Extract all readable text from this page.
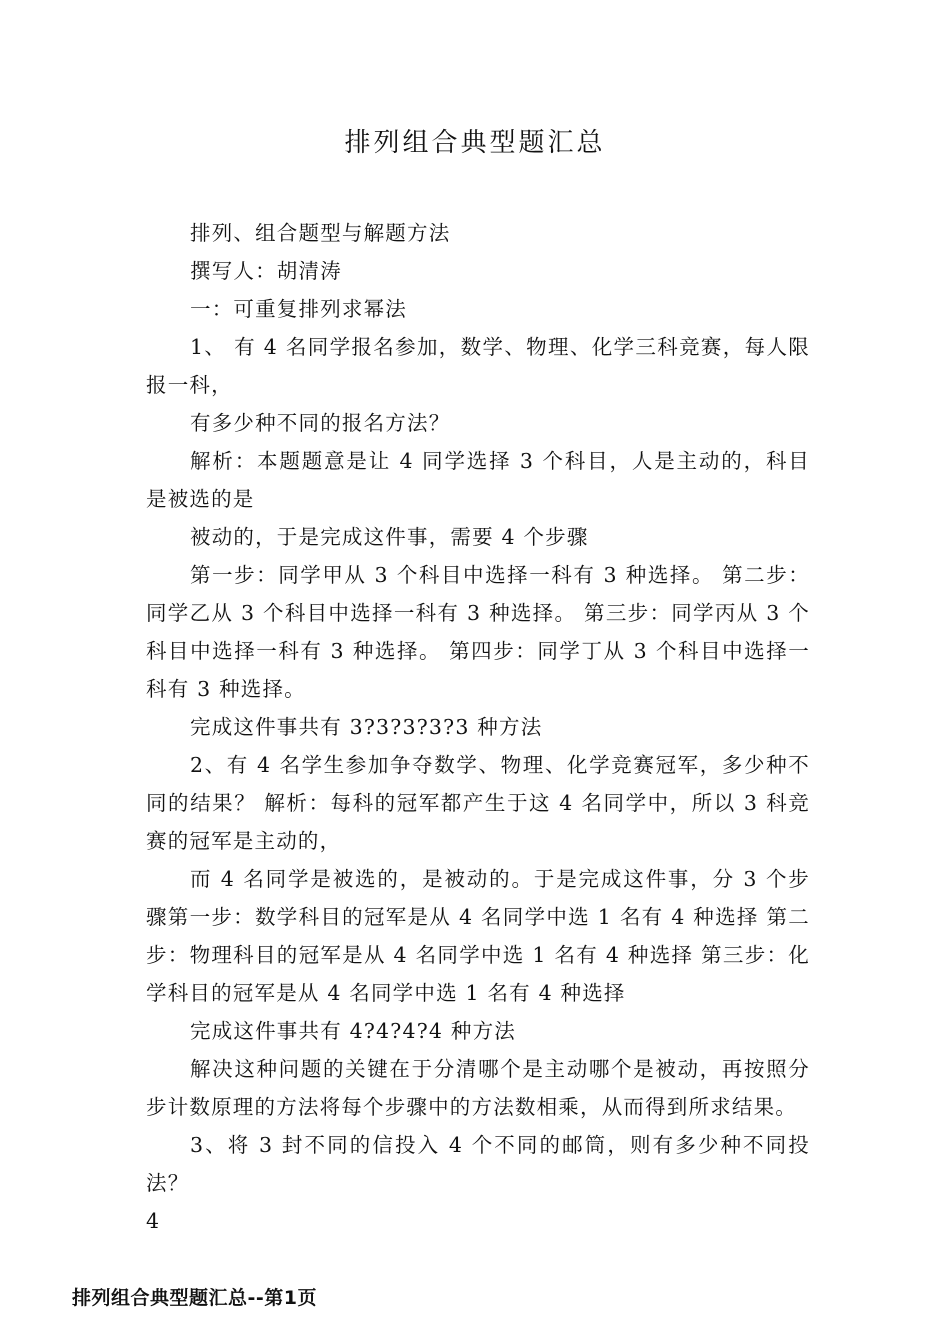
排列组合典型题汇总

排列、组合题型与解题方法

撰写人：胡清涛

一：可重复排列求幂法

1、 有 4 名同学报名参加，数学、物理、化学三科竞赛，每人限报一科，

有多少种不同的报名方法？

解析：本题题意是让 4 同学选择 3 个科目，人是主动的，科目是被选的是

被动的，于是完成这件事，需要 4 个步骤

第一步：同学甲从 3 个科目中选择一科有 3 种选择。 第二步：同学乙从 3 个科目中选择一科有 3 种选择。 第三步：同学丙从 3 个科目中选择一科有 3 种选择。 第四步：同学丁从 3 个科目中选择一科有 3 种选择。

完成这件事共有 3?3?3?3?3 种方法

2、有 4 名学生参加争夺数学、物理、化学竞赛冠军，多少种不同的结果？ 解析：每科的冠军都产生于这 4 名同学中，所以 3 科竞赛的冠军是主动的，

而 4 名同学是被选的，是被动的。于是完成这件事，分 3 个步骤第一步：数学科目的冠军是从 4 名同学中选 1 名有 4 种选择 第二步：物理科目的冠军是从 4 名同学中选 1 名有 4 种选择 第三步：化学科目的冠军是从 4 名同学中选 1 名有 4 种选择

完成这件事共有 4?4?4?4 种方法

解决这种问题的关键在于分清哪个是主动哪个是被动，再按照分步计数原理的方法将每个步骤中的方法数相乘，从而得到所求结果。

3、将 3 封不同的信投入 4 个不同的邮筒，则有多少种不同投法？

4

排列组合典型题汇总--第1页
